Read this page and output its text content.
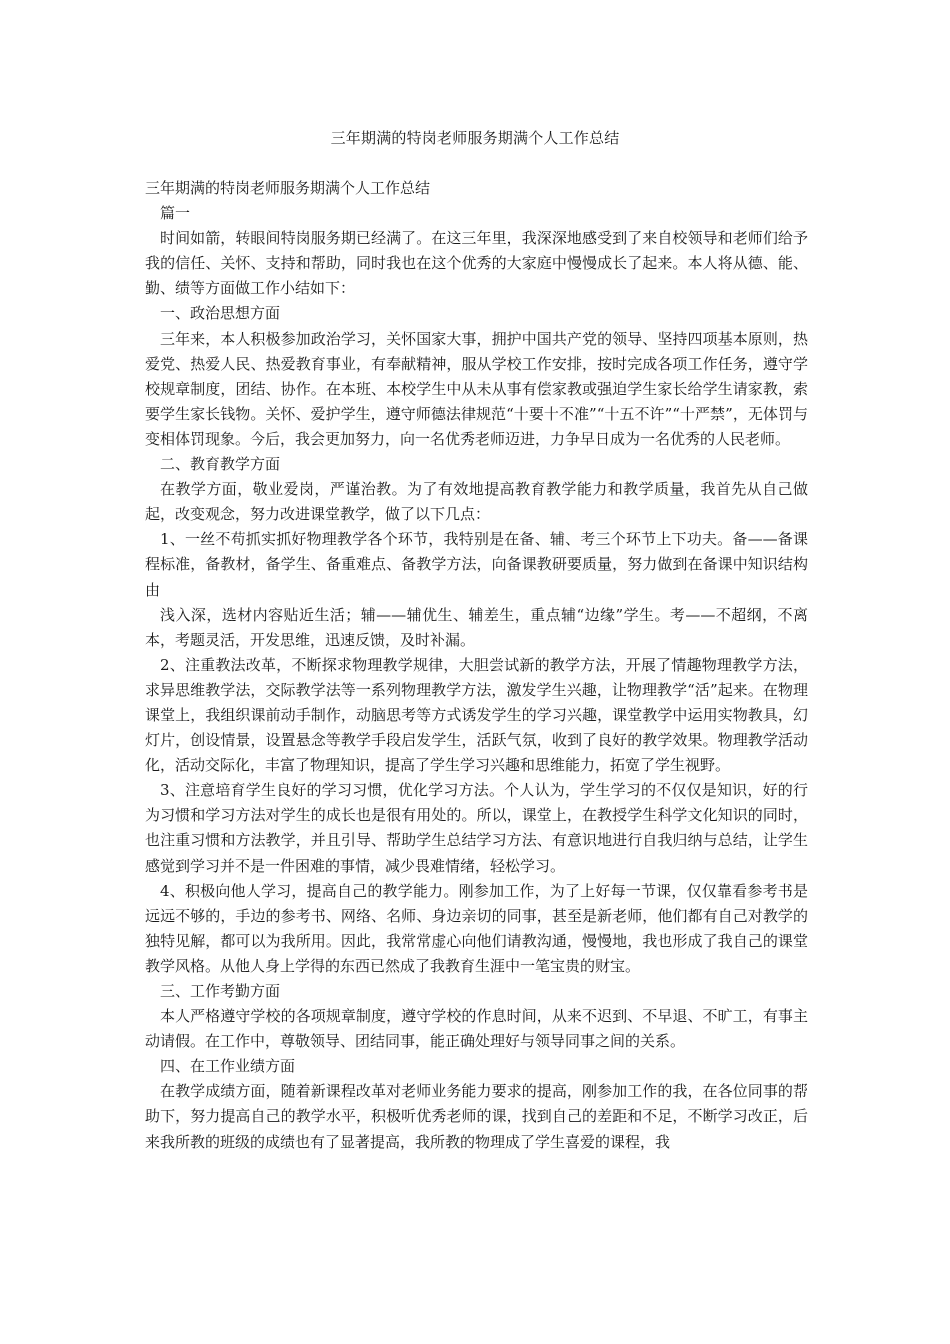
三年期满的特岗老师服务期满个人工作总结

三年期满的特岗老师服务期满个人工作总结

篇一

时间如箭，转眼间特岗服务期已经满了。在这三年里，我深深地感受到了来自校领导和老师们给予我的信任、关怀、支持和帮助，同时我也在这个优秀的大家庭中慢慢成长了起来。本人将从德、能、勤、绩等方面做工作小结如下：

一、政治思想方面

三年来，本人积极参加政治学习，关怀国家大事，拥护中国共产党的领导、坚持四项基本原则，热爱党、热爱人民、热爱教育事业，有奉献精神，服从学校工作安排，按时完成各项工作任务，遵守学校规章制度，团结、协作。在本班、本校学生中从未从事有偿家教或强迫学生家长给学生请家教，索要学生家长钱物。关怀、爱护学生，遵守师德法律规范“十要十不准”“十五不许”“十严禁”，无体罚与变相体罚现象。今后，我会更加努力，向一名优秀老师迈进，力争早日成为一名优秀的人民老师。

二、教育教学方面

在教学方面，敬业爱岗，严谨治教。为了有效地提高教育教学能力和教学质量，我首先从自己做起，改变观念，努力改进课堂教学，做了以下几点：

1、一丝不苟抓实抓好物理教学各个环节，我特别是在备、辅、考三个环节上下功夫。备——备课程标准，备教材，备学生、备重难点、备教学方法，向备课教研要质量，努力做到在备课中知识结构由

浅入深，选材内容贴近生活；辅——辅优生、辅差生，重点辅“边缘”学生。考——不超纲，不离本，考题灵活，开发思维，迅速反馈，及时补漏。

2、注重教法改革，不断探求物理教学规律，大胆尝试新的教学方法，开展了情趣物理教学方法，求异思维教学法，交际教学法等一系列物理教学方法，激发学生兴趣，让物理教学“活”起来。在物理课堂上，我组织课前动手制作，动脑思考等方式诱发学生的学习兴趣，课堂教学中运用实物教具，幻灯片，创设情景，设置悬念等教学手段启发学生，活跃气氛，收到了良好的教学效果。物理教学活动化，活动交际化，丰富了物理知识，提高了学生学习兴趣和思维能力，拓宽了学生视野。

3、注意培育学生良好的学习习惯，优化学习方法。个人认为，学生学习的不仅仅是知识，好的行为习惯和学习方法对学生的成长也是很有用处的。所以，课堂上，在教授学生科学文化知识的同时，也注重习惯和方法教学，并且引导、帮助学生总结学习方法、有意识地进行自我归纳与总结，让学生感觉到学习并不是一件困难的事情，减少畏难情绪，轻松学习。

4、积极向他人学习，提高自己的教学能力。刚参加工作，为了上好每一节课，仅仅靠看参考书是远远不够的，手边的参考书、网络、名师、身边亲切的同事，甚至是新老师，他们都有自己对教学的独特见解，都可以为我所用。因此，我常常虚心向他们请教沟通，慢慢地，我也形成了我自己的课堂教学风格。从他人身上学得的东西已然成了我教育生涯中一笔宝贵的财宝。

三、工作考勤方面

本人严格遵守学校的各项规章制度，遵守学校的作息时间，从来不迟到、不早退、不旷工，有事主动请假。在工作中，尊敬领导、团结同事，能正确处理好与领导同事之间的关系。

四、在工作业绩方面

在教学成绩方面，随着新课程改革对老师业务能力要求的提高，刚参加工作的我，在各位同事的帮助下，努力提高自己的教学水平，积极听优秀老师的课，找到自己的差距和不足，不断学习改正，后来我所教的班级的成绩也有了显著提高，我所教的物理成了学生喜爱的课程，我
